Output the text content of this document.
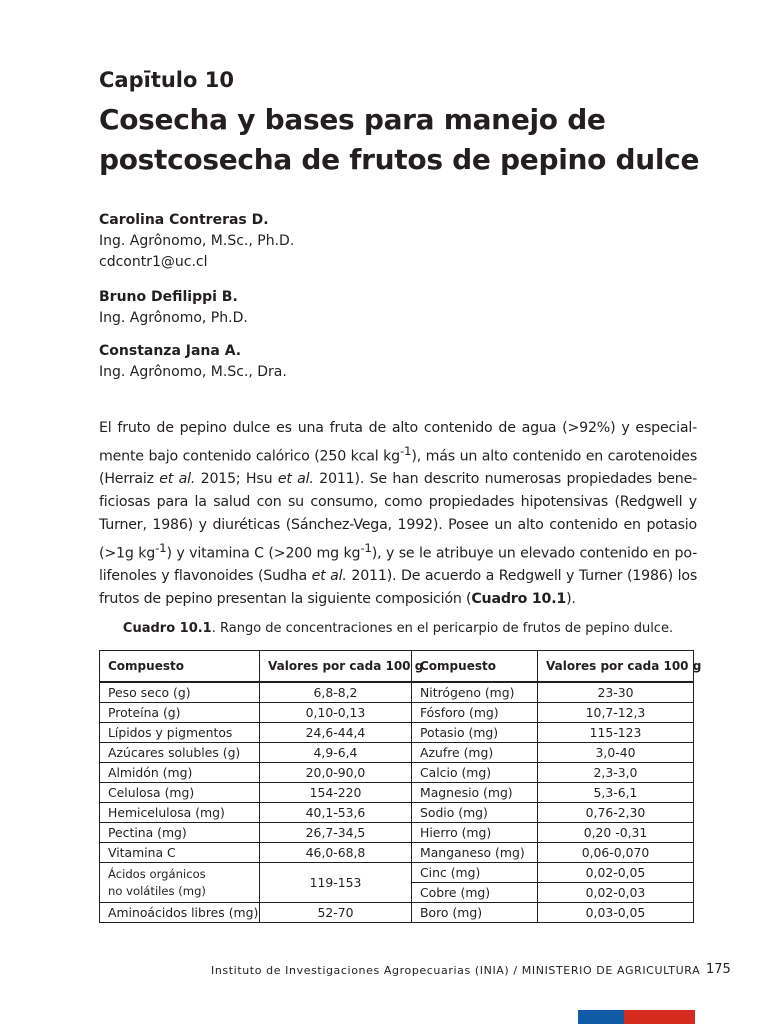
Capītulo 10
Cosecha y bases para manejo de postcosecha de frutos de pepino dulce
Carolina Contreras D.
Ing. Agrônomo, M.Sc., Ph.D.
cdcontr1@uc.cl
Bruno Defilippi B.
Ing. Agrônomo, Ph.D.
Constanza Jana A.
Ing. Agrônomo, M.Sc., Dra.

El fruto de pepino dulce es una fruta de alto contenido de agua (>92%) y especial-mente bajo contenido calórico (250 kcal $kg^{-1}$), más un alto contenido en carotenoides (Herraiz et al. 2015; Hsu et al. 2011). Se han descrito numerosas propiedades bene-ficiosas para la salud con su consumo, como propiedades hipotensivas (Redgwell y Turner, 1986) y diuréticas (Sánchez-Vega, 1992). Posee un alto contenido en potasio (>1g $kg^{-1}$) y vitamina C (>200 mg $kg^{-1}$), y se le atribuye un elevado contenido en po-lifenoles y flavonoides (Sudha et al. 2011). De acuerdo a Redgwell y Turner (1986) los frutos de pepino presentan la siguiente composición (Cuadro 10.1).

Cuadro 10.1. Rango de concentraciones en el pericarpio de frutos de pepino dulce.
Compuesto	Valores por cada 100 g	Compuesto	Valores por cada 100 g
Peso seco (g)	6,8-8,2	Nitrógeno (mg)	23-30
Proteína (g)	0,10-0,13	Fósforo (mg)	10,7-12,3
Lípidos y pigmentos	24,6-44,4	Potasio (mg)	115-123
Azúcares solubles (g)	4,9-6,4	Azufre (mg)	3,0-40
Almidón (mg)	20,0-90,0	Calcio (mg)	2,3-3,0
Celulosa (mg)	154-220	Magnesio (mg)	5,3-6,1
Hemicelulosa (mg)	40,1-53,6	Sodio (mg)	0,76-2,30
Pectina (mg)	26,7-34,5	Hierro (mg)	0,20 -0,31
Vitamina C	46,0-68,8	Manganeso (mg)	0,06-0,070
Ácidos orgánicos
no volátiles (mg)	119-153	Cinc (mg)	0,02-0,05
		Cobre (mg)	0,02-0,03
Aminoácidos libres (mg)	52-70	Boro (mg)	0,03-0,05
Instituto de Investigaciones Agropecuarias (INIA) / MINISTERIO DE AGRICULTURA 175
